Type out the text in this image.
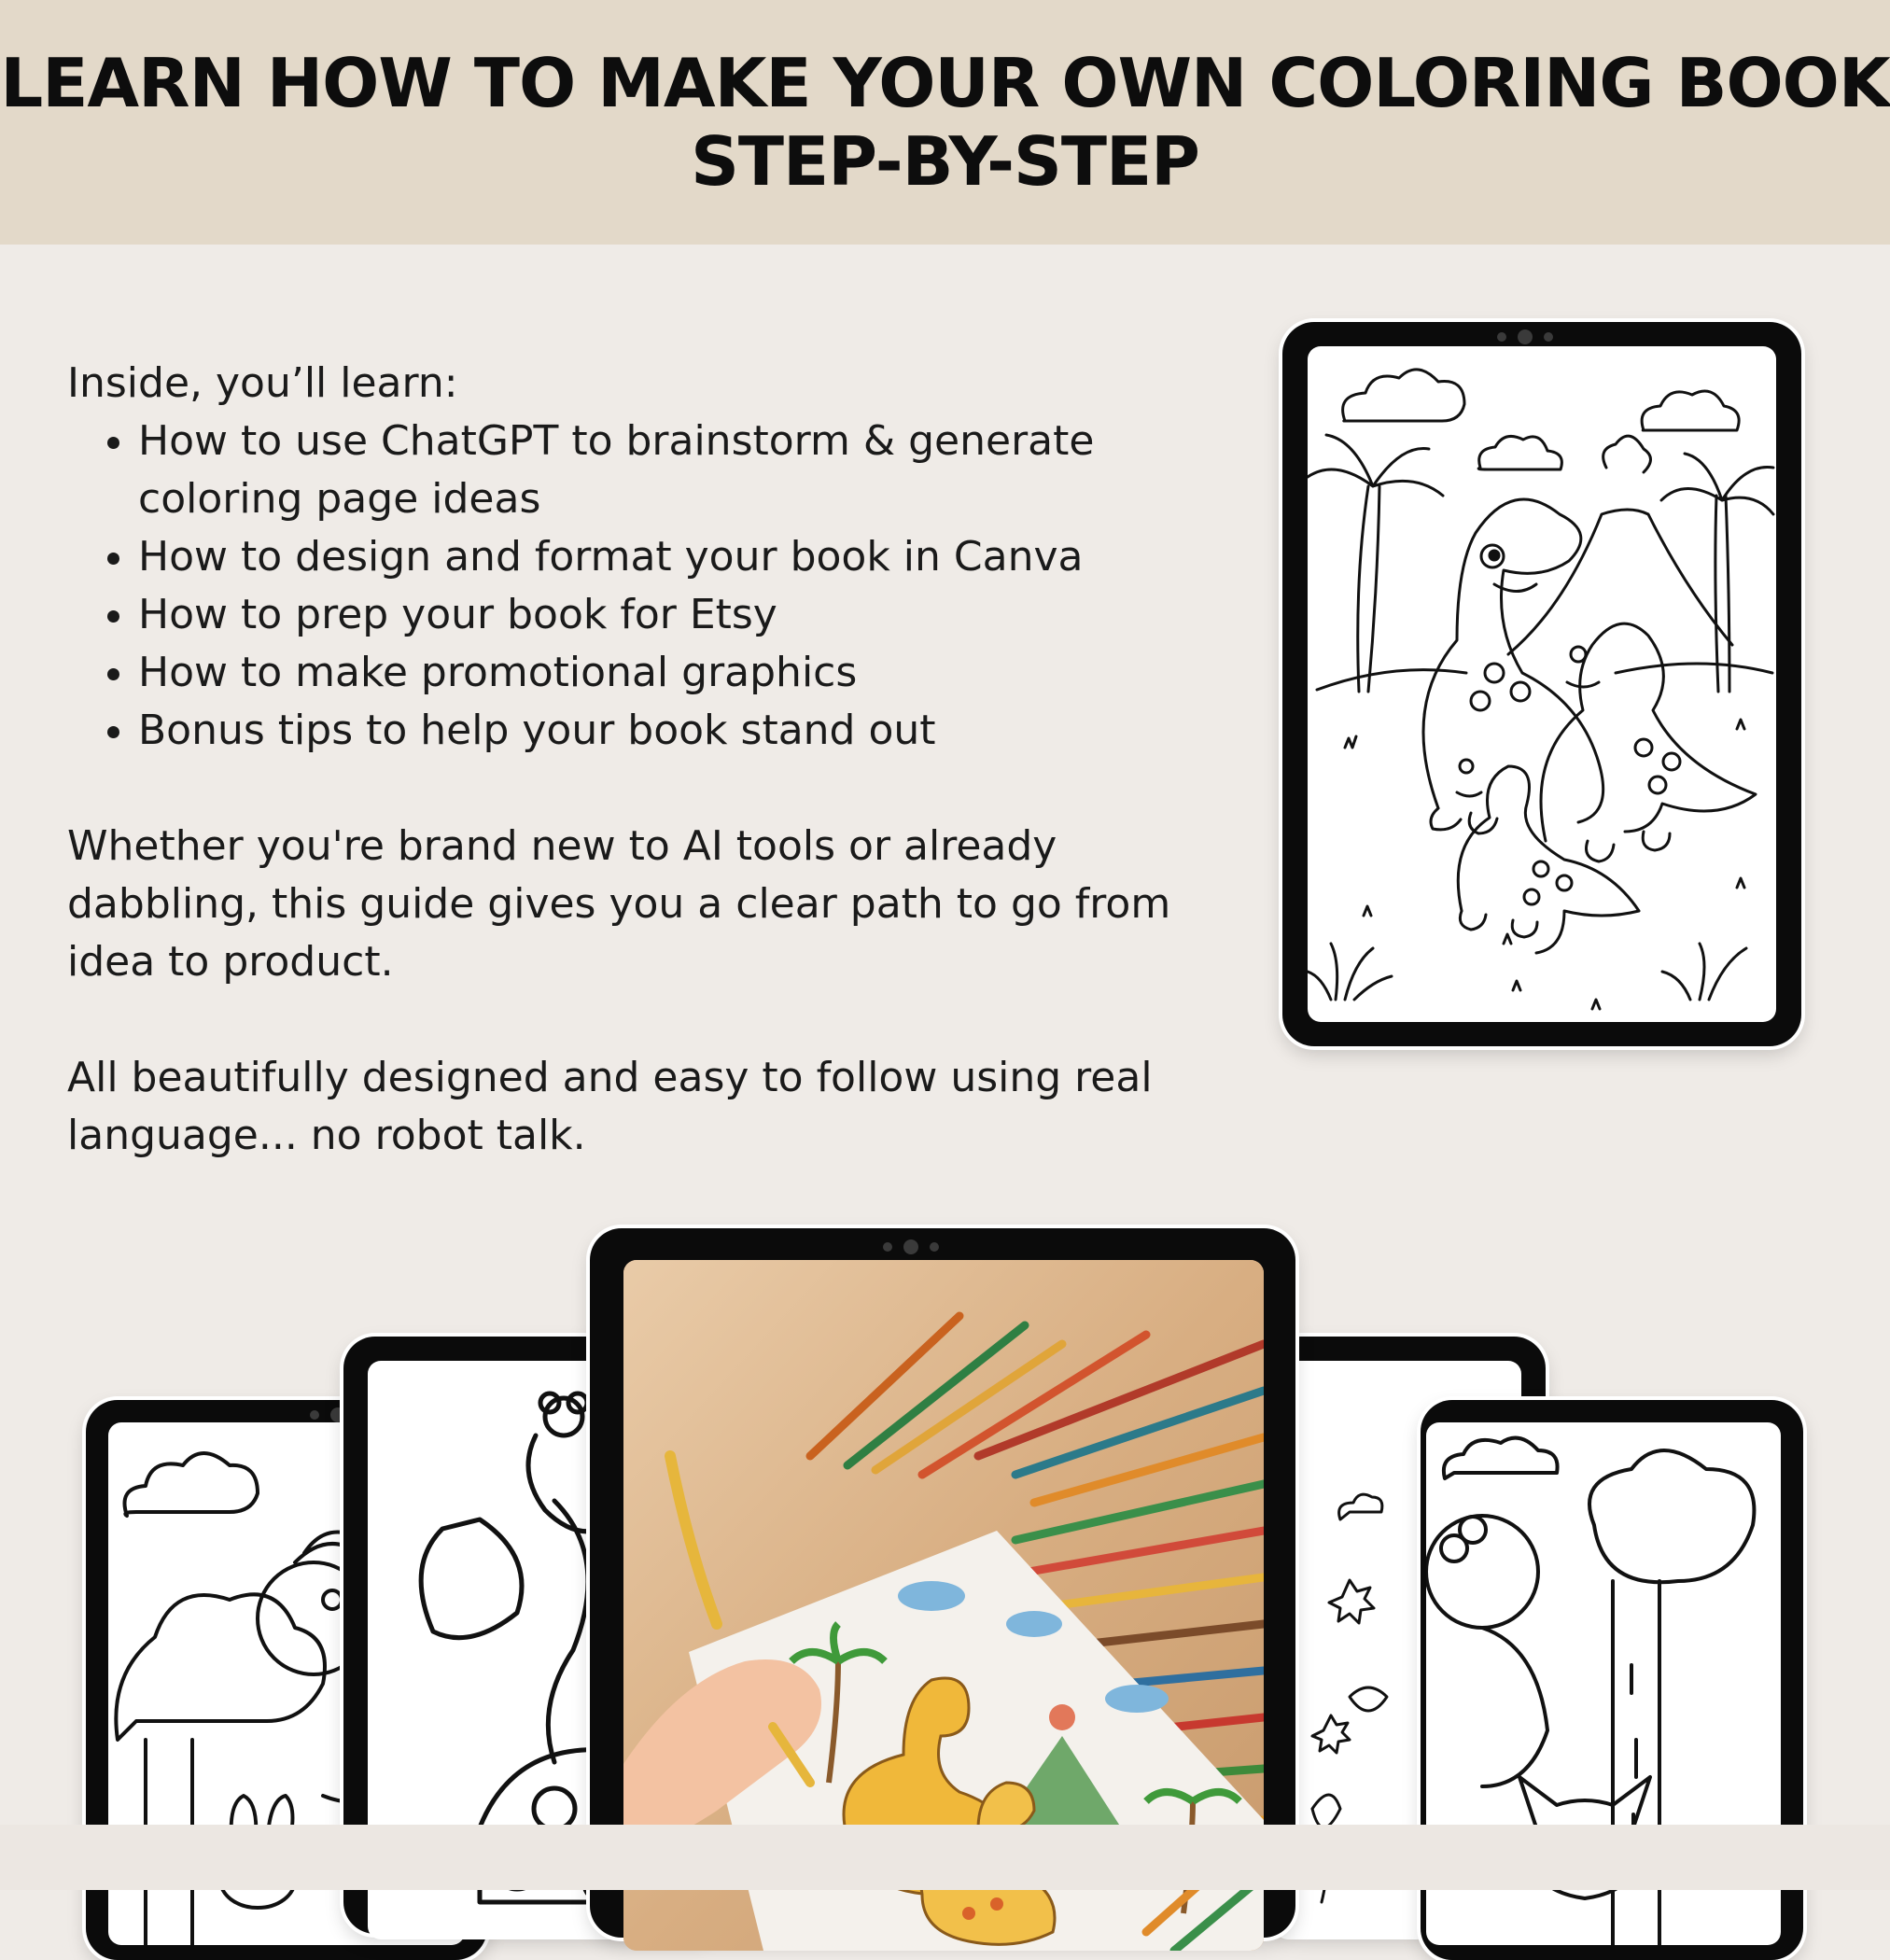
LEARN HOW TO MAKE YOUR OWN COLORING BOOK
STEP-BY-STEP

Inside, you’ll learn:

• How to use ChatGPT to brainstorm & generate coloring page ideas
• How to design and format your book in Canva
• How to prep your book for Etsy
• How to make promotional graphics
• Bonus tips to help your book stand out

Whether you're brand new to AI tools or already dabbling, this guide gives you a clear path to go from idea to product.

All beautifully designed and easy to follow using real language... no robot talk.
